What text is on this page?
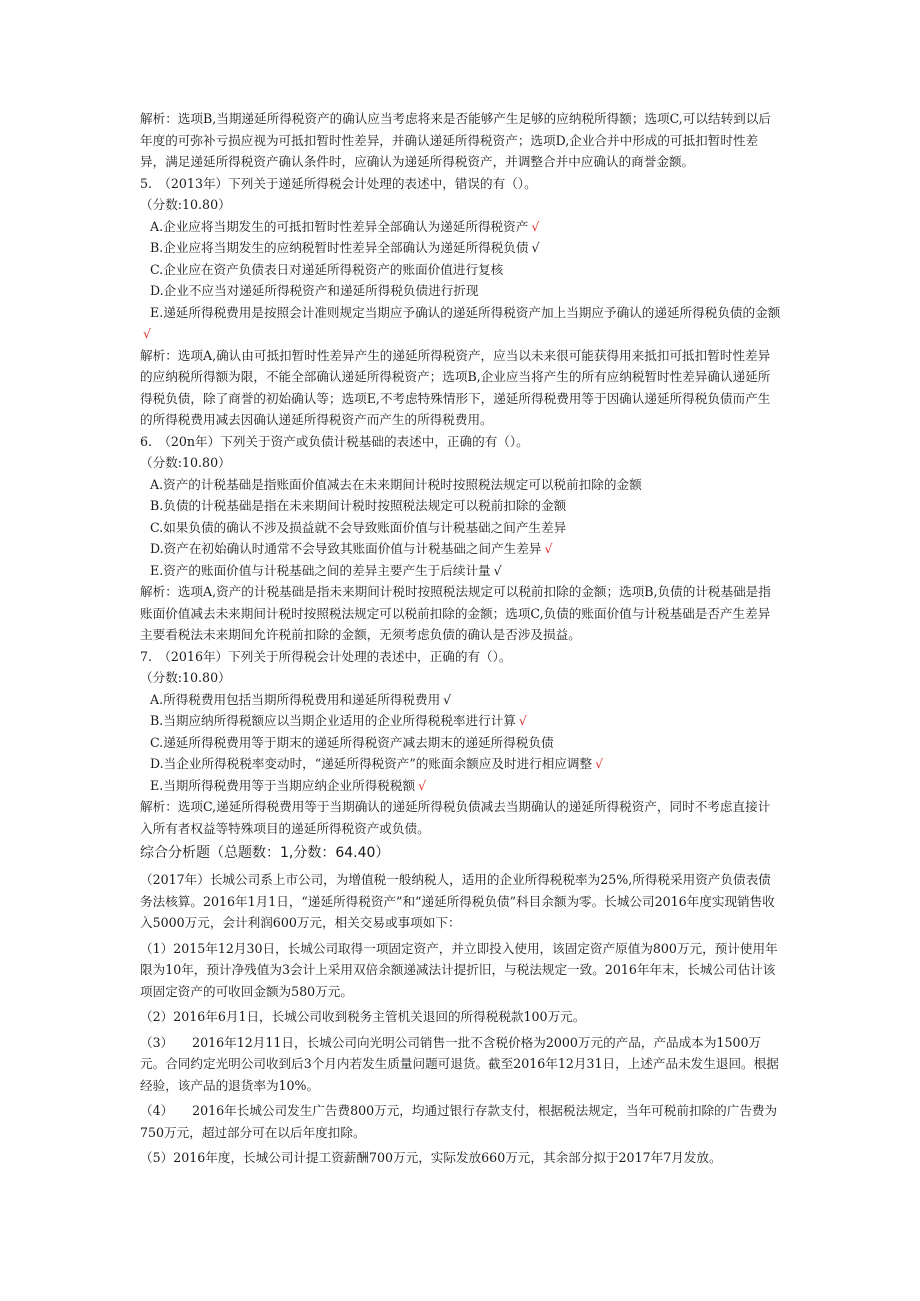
解析：选项B,当期递延所得税资产的确认应当考虑将来是否能够产生足够的应纳税所得额；选项C,可以结转到以后年度的可弥补亏损应视为可抵扣暂时性差异，并确认递延所得税资产；选项D,企业合并中形成的可抵扣暂时性差异，满足递延所得税资产确认条件时，应确认为递延所得税资产，并调整合并中应确认的商誉金额。

5.　（2013年）下列关于递延所得税会计处理的表述中，错误的有（）。

（分数:10.80）

A.企业应将当期发生的可抵扣暂时性差异全部确认为递延所得税资产 √

B.企业应将当期发生的应纳税暂时性差异全部确认为递延所得税负债 √

C.企业应在资产负债表日对递延所得税资产的账面价值进行复核

D.企业不应当对递延所得税资产和递延所得税负债进行折现

E.递延所得税费用是按照会计准则规定当期应予确认的递延所得税资产加上当期应予确认的递延所得税负债的金额√

解析：选项A,确认由可抵扣暂时性差异产生的递延所得税资产，应当以未来很可能获得用来抵扣可抵扣暂时性差异的应纳税所得额为限，不能全部确认递延所得税资产；选项B,企业应当将产生的所有应纳税暂时性差异确认递延所得税负债，除了商誉的初始确认等；选项E,不考虑特殊情形下，递延所得税费用等于因确认递延所得税负债而产生的所得税费用减去因确认递延所得税资产而产生的所得税费用。

6.　（20n年）下列关于资产或负债计税基础的表述中，正确的有（）。

（分数:10.80）

A.资产的计税基础是指账面价值减去在未来期间计税时按照税法规定可以税前扣除的金额

B.负债的计税基础是指在未来期间计税时按照税法规定可以税前扣除的金额

C.如果负债的确认不涉及损益就不会导致账面价值与计税基础之间产生差异

D.资产在初始确认时通常不会导致其账面价值与计税基础之间产生差异 √

E.资产的账面价值与计税基础之间的差异主要产生于后续计量 √

解析：选项A,资产的计税基础是指未来期间计税时按照税法规定可以税前扣除的金额；选项B,负债的计税基础是指账面价值减去未来期间计税时按照税法规定可以税前扣除的金额；选项C,负债的账面价值与计税基础是否产生差异主要看税法未来期间允许税前扣除的金额，无须考虑负债的确认是否涉及损益。

7.　（2016年）下列关于所得税会计处理的表述中，正确的有（）。

（分数:10.80）

A.所得税费用包括当期所得税费用和递延所得税费用 √

B.当期应纳所得税额应以当期企业适用的企业所得税税率进行计算 √

C.递延所得税费用等于期末的递延所得税资产减去期末的递延所得税负债

D.当企业所得税税率变动时，“递延所得税资产”的账面余额应及时进行相应调整 √

E.当期所得税费用等于当期应纳企业所得税税额 √

解析：选项C,递延所得税费用等于当期确认的递延所得税负债减去当期确认的递延所得税资产，同时不考虑直接计入所有者权益等特殊项目的递延所得税资产或负债。

综合分析题（总题数：1,分数：64.40）

（2017年）长城公司系上市公司，为增值税一般纳税人，适用的企业所得税税率为25%,所得税采用资产负债表债务法核算。2016年1月1日，“递延所得税资产”和“递延所得税负债”科目余额为零。长城公司2016年度实现销售收入5000万元，会计利润600万元，相关交易或事项如下：

（1）2015年12月30日，长城公司取得一项固定资产，并立即投入使用，该固定资产原值为800万元，预计使用年限为10年，预计净残值为3会计上采用双倍余额递减法计提折旧，与税法规定一致。2016年年末，长城公司估计该项固定资产的可收回金额为580万元。

（2）2016年6月1日，长城公司收到税务主管机关退回的所得税税款100万元。

（3）　　2016年12月11日，长城公司向光明公司销售一批不含税价格为2000万元的产品，产品成本为1500万元。合同约定光明公司收到后3个月内若发生质量问题可退货。截至2016年12月31日，上述产品未发生退回。根据经验，该产品的退货率为10%。

（4）　　2016年长城公司发生广告费800万元，均通过银行存款支付，根据税法规定，当年可税前扣除的广告费为750万元，超过部分可在以后年度扣除。

（5）2016年度，长城公司计提工资薪酬700万元，实际发放660万元，其余部分拟于2017年7月发放。
